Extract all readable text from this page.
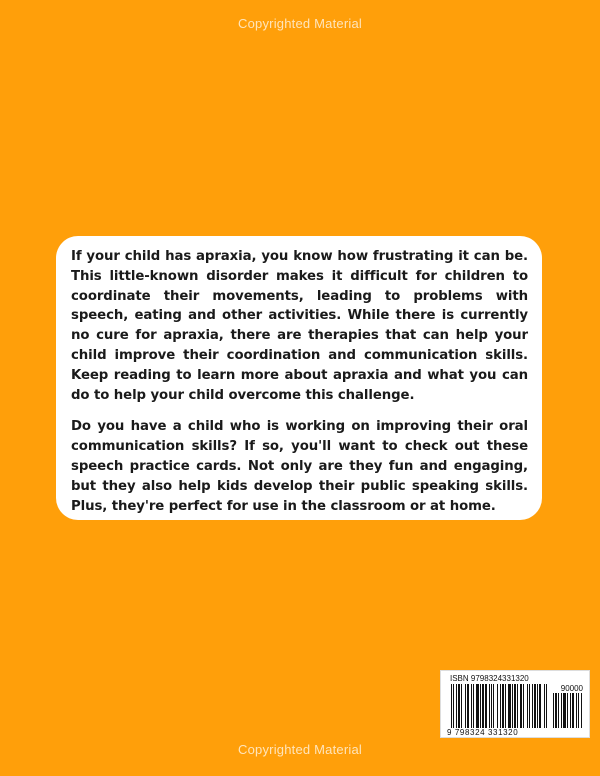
Copyrighted Material

If your child has apraxia, you know how frustrating it can be. This little-known disorder makes it difficult for children to coordinate their movements, leading to problems with speech, eating and other activities. While there is currently no cure for apraxia, there are therapies that can help your child improve their coordination and communication skills. Keep reading to learn more about apraxia and what you can do to help your child overcome this challenge.

Do you have a child who is working on improving their oral communication skills? If so, you'll want to check out these speech practice cards. Not only are they fun and engaging, but they also help kids develop their public speaking skills. Plus, they're perfect for use in the classroom or at home.

ISBN 9798324331320
90000
9 798324 331320
Copyrighted Material
